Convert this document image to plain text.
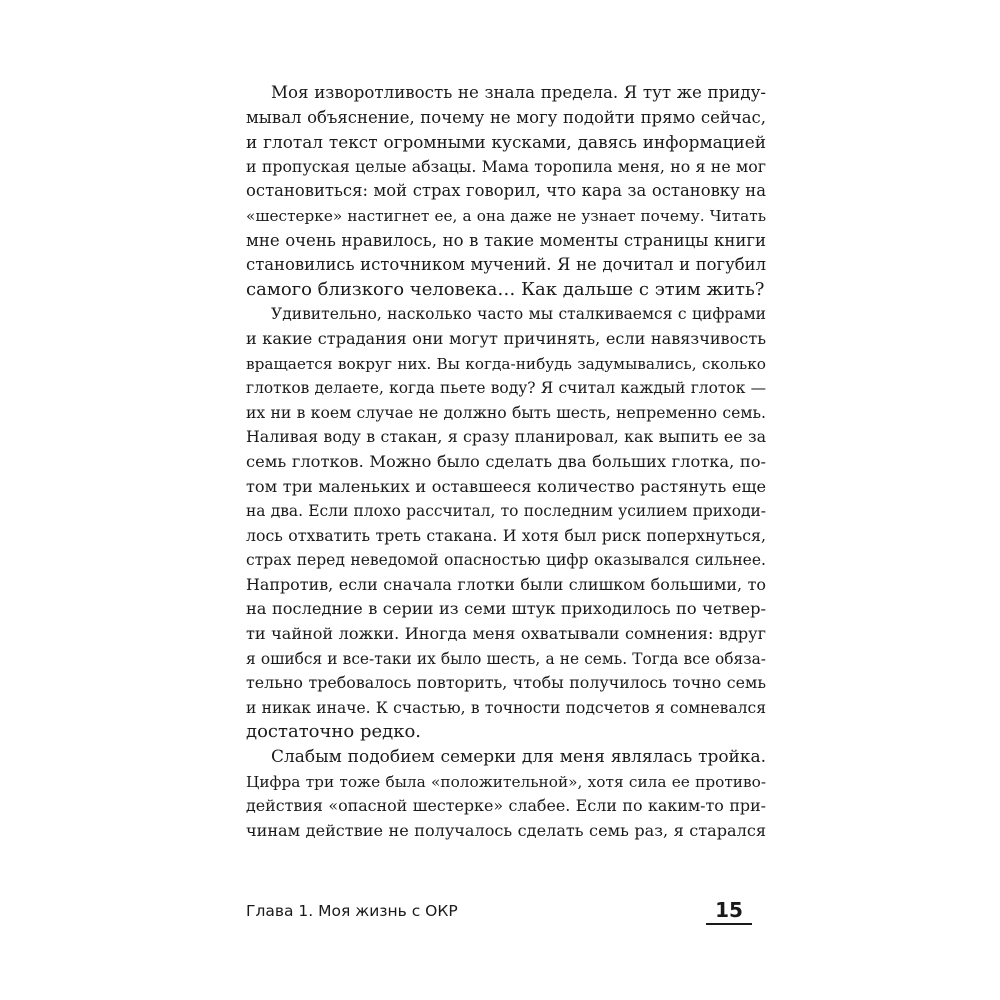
Моя изворотливость не знала предела. Я тут же приду-
мывал объяснение, почему не могу подойти прямо сейчас,
и глотал текст огромными кусками, давясь информацией
и пропуская целые абзацы. Мама торопила меня, но я не мог
остановиться: мой страх говорил, что кара за остановку на
«шестерке» настигнет ее, а она даже не узнает почему. Читать
мне очень нравилось, но в такие моменты страницы книги
становились источником мучений. Я не дочитал и погубил
самого близкого человека… Как дальше с этим жить?
Удивительно, насколько часто мы сталкиваемся с цифрами
и какие страдания они могут причинять, если навязчивость
вращается вокруг них. Вы когда-нибудь задумывались, сколько
глотков делаете, когда пьете воду? Я считал каждый глоток —
их ни в коем случае не должно быть шесть, непременно семь.
Наливая воду в стакан, я сразу планировал, как выпить ее за
семь глотков. Можно было сделать два больших глотка, по-
том три маленьких и оставшееся количество растянуть еще
на два. Если плохо рассчитал, то последним усилием приходи-
лось отхватить треть стакана. И хотя был риск поперхнуться,
страх перед неведомой опасностью цифр оказывался сильнее.
Напротив, если сначала глотки были слишком большими, то
на последние в серии из семи штук приходилось по четвер-
ти чайной ложки. Иногда меня охватывали сомнения: вдруг
я ошибся и все-таки их было шесть, а не семь. Тогда все обяза-
тельно требовалось повторить, чтобы получилось точно семь
и никак иначе. К счастью, в точности подсчетов я сомневался
достаточно редко.
Слабым подобием семерки для меня являлась тройка.
Цифра три тоже была «положительной», хотя сила ее противо-
действия «опасной шестерке» слабее. Если по каким-то при-
чинам действие не получалось сделать семь раз, я старался
Глава 1. Моя жизнь с ОКР	15
